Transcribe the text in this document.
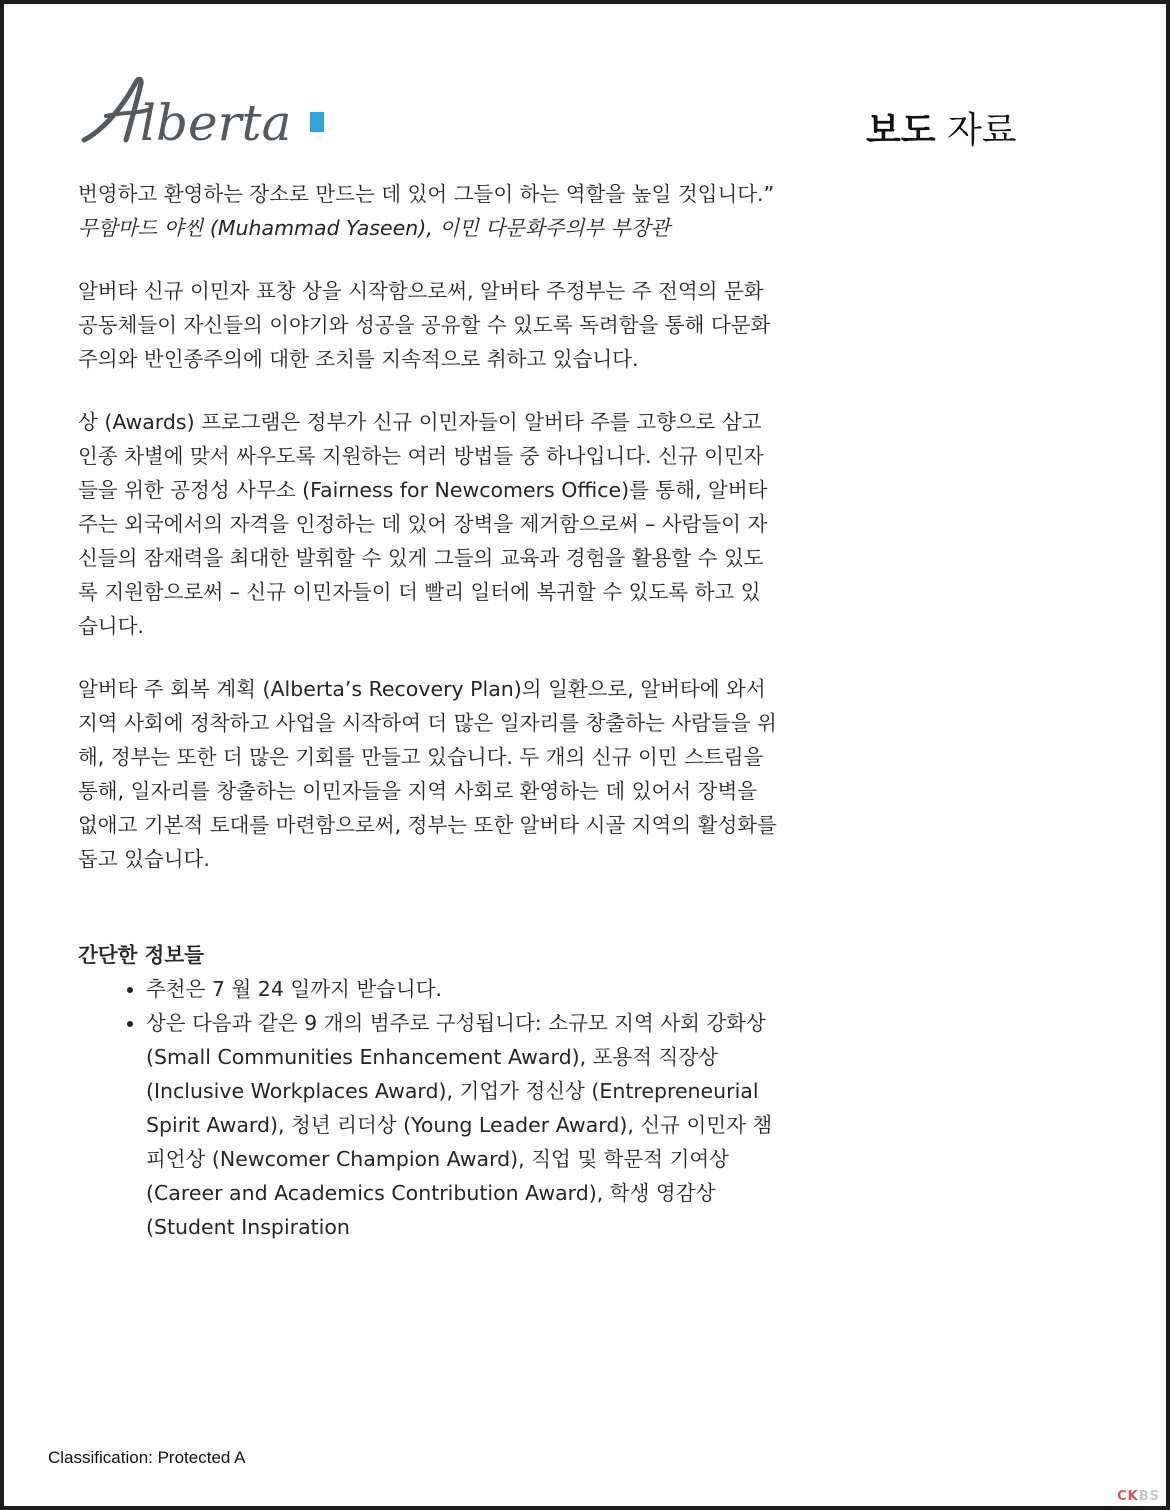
lberta	보도 자료

번영하고 환영하는 장소로 만드는 데 있어 그들이 하는 역할을 높일 것입니다.”
무함마드 야씬 (Muhammad Yaseen), 이민 다문화주의부 부장관

알버타 신규 이민자 표창 상을 시작함으로써, 알버타 주정부는 주 전역의 문화 공동체들이 자신들의 이야기와 성공을 공유할 수 있도록 독려함을 통해 다문화주의와 반인종주의에 대한 조치를 지속적으로 취하고 있습니다.

상 (Awards) 프로그램은 정부가 신규 이민자들이 알버타 주를 고향으로 삼고 인종 차별에 맞서 싸우도록 지원하는 여러 방법들 중 하나입니다. 신규 이민자들을 위한 공정성 사무소 (Fairness for Newcomers Office)를 통해, 알버타 주는 외국에서의 자격을 인정하는 데 있어 장벽을 제거함으로써 – 사람들이 자신들의 잠재력을 최대한 발휘할 수 있게 그들의 교육과 경험을 활용할 수 있도록 지원함으로써 – 신규 이민자들이 더 빨리 일터에 복귀할 수 있도록 하고 있습니다.

알버타 주 회복 계획 (Alberta’s Recovery Plan)의 일환으로, 알버타에 와서 지역 사회에 정착하고 사업을 시작하여 더 많은 일자리를 창출하는 사람들을 위해, 정부는 또한 더 많은 기회를 만들고 있습니다. 두 개의 신규 이민 스트림을 통해, 일자리를 창출하는 이민자들을 지역 사회로 환영하는 데 있어서 장벽을 없애고 기본적 토대를 마련함으로써, 정부는 또한 알버타 시골 지역의 활성화를 돕고 있습니다.

간단한 정보들
• 추천은 7 월 24 일까지 받습니다.
• 상은 다음과 같은 9 개의 범주로 구성됩니다: 소규모 지역 사회 강화상 (Small Communities Enhancement Award), 포용적 직장상 (Inclusive Workplaces Award), 기업가 정신상 (Entrepreneurial Spirit Award), 청년 리더상 (Young Leader Award), 신규 이민자 챔피언상 (Newcomer Champion Award), 직업 및 학문적 기여상 (Career and Academics Contribution Award), 학생 영감상 (Student Inspiration
Classification: Protected A
CKBS
